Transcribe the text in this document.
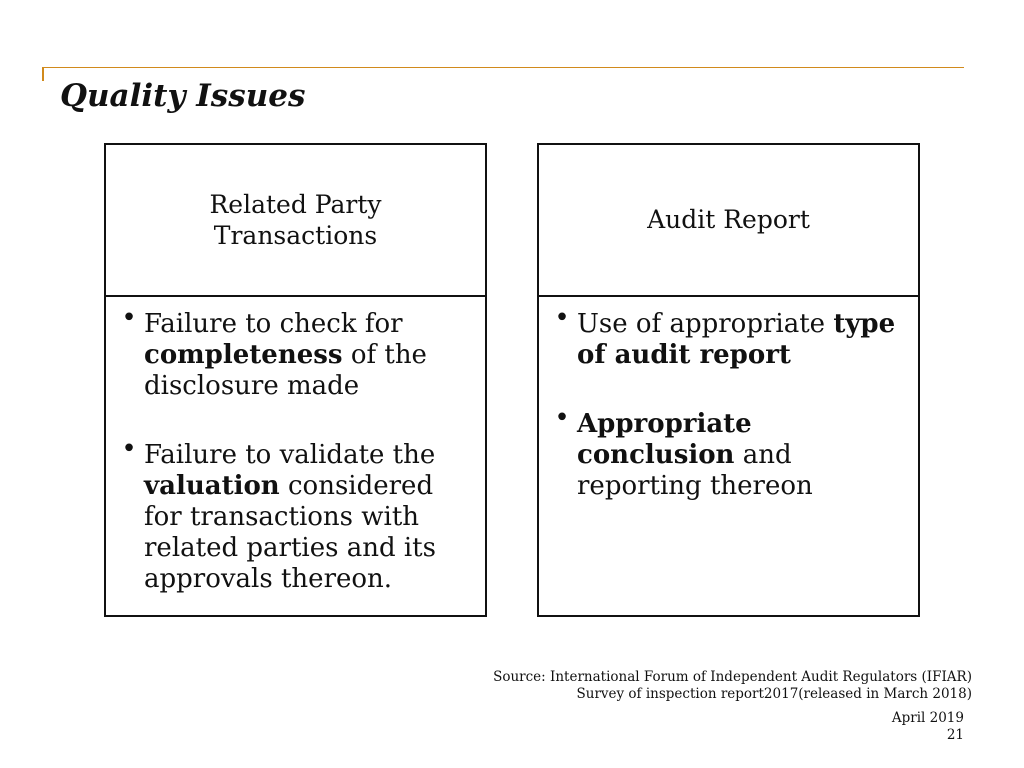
Quality Issues
Related Party Transactions
• Failure to check for completeness of the disclosure made
• Failure to validate the valuation considered for transactions with related parties and its approvals thereon.
Audit Report
• Use of appropriate type of audit report
• Appropriate conclusion and reporting thereon
Source: International Forum of Independent Audit Regulators (IFIAR)
Survey of inspection report2017(released in March 2018)
April 2019
21
